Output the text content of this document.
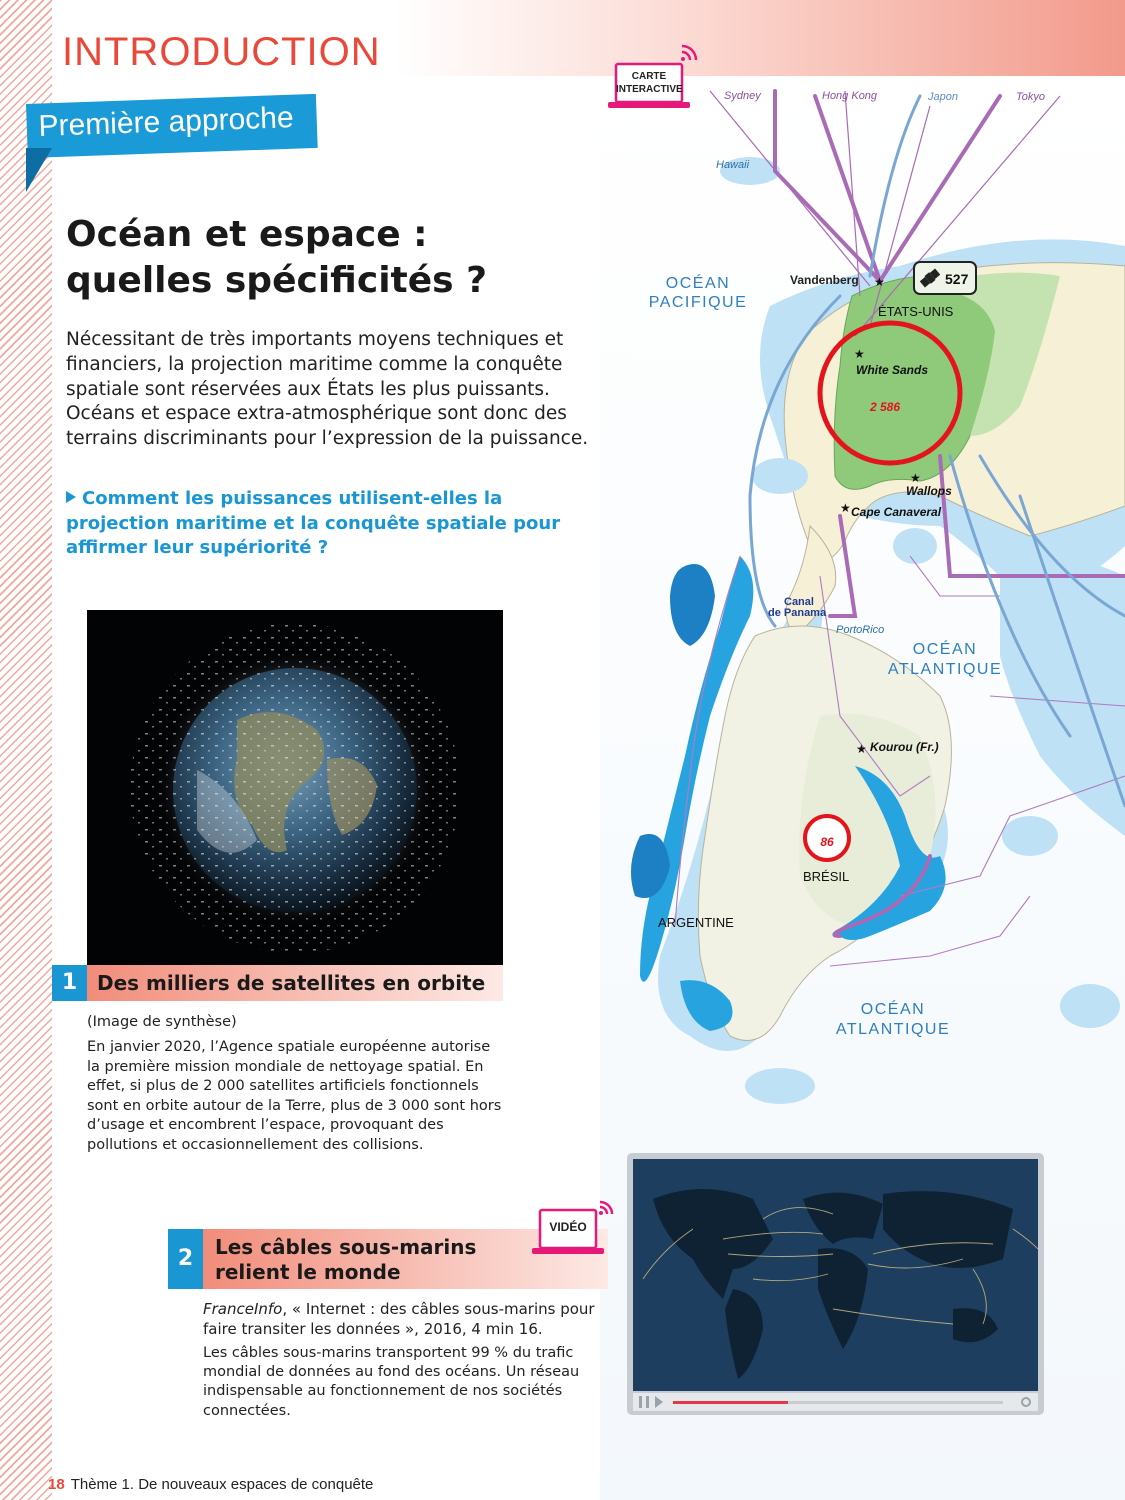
INTRODUCTION
Première approche
Océan et espace :
quelles spécificités ?

Nécessitant de très importants moyens techniques et financiers, la projection maritime comme la conquête spatiale sont réservées aux États les plus puissants. Océans et espace extra-atmosphérique sont donc des terrains discriminants pour l’expression de la puissance.

Comment les puissances utilisent-elles la projection maritime et la conquête spatiale pour affirmer leur supériorité ?

1 Des milliers de satellites en orbite
(Image de synthèse)

En janvier 2020, l’Agence spatiale européenne autorise la première mission mondiale de nettoyage spatial. En effet, si plus de 2 000 satellites artificiels fonctionnels sont en orbite autour de la Terre, plus de 3 000 sont hors d’usage et encombrent l’espace, provoquant des pollutions et occasionnellement des collisions.

2	Les câbles sous-marins
relient le monde
VIDÉO

FranceInfo, « Internet : des câbles sous-marins pour faire transiter les données », 2016, 4 min 16.

Les câbles sous-marins transportent 99 % du trafic mondial de données au fond des océans. Un réseau indispensable au fonctionnement de nos sociétés connectées.

527
★
★
★
★
★
Sydney	Hong Kong	Japon	Tokyo
Hawaii
OCÉAN
PACIFIQUE
OCÉAN
ATLANTIQUE
OCÉAN
ATLANTIQUE
Vandenberg
ÉTATS-UNIS
White Sands
2 586
Wallops
Cape Canaveral
Canal
de Panama
PortoRico
Kourou (Fr.)
86
BRÉSIL
ARGENTINE
CARTE
INTERACTIVE
18 Thème 1. De nouveaux espaces de conquête
